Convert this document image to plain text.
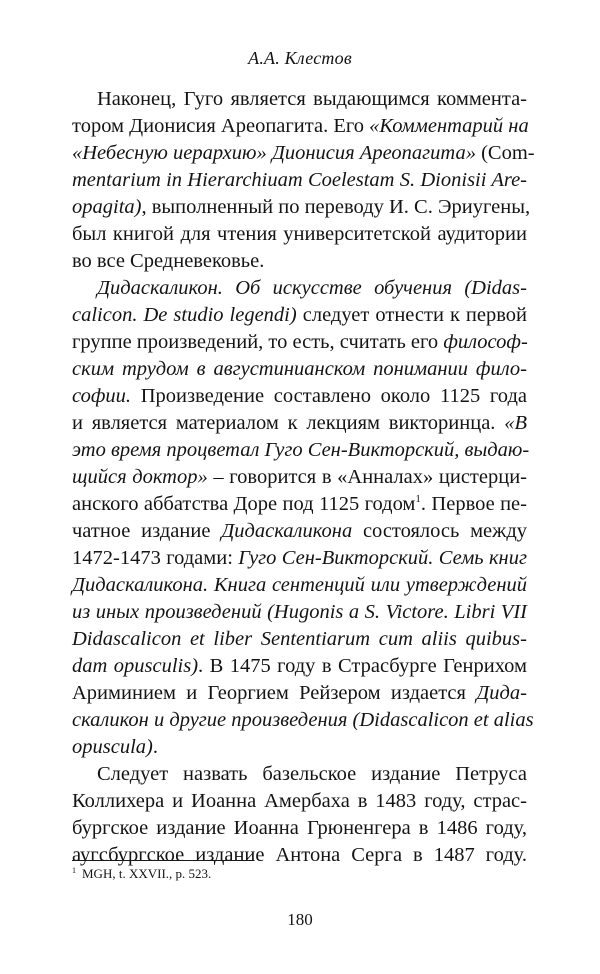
А.А. Клестов
Наконец, Гуго является выдающимся коммента-
тором Дионисия Ареопагита. Его «Комментарий на
«Небесную иерархию» Дионисия Ареопагита» (Com-
mentarium in Hierarchiuam Coelestam S. Dionisii Are-
opagita), выполненный по переводу И. С. Эриугены,
был книгой для чтения университетской аудитории
во все Средневековье.
Дидаскаликон. Об искусстве обучения (Didas-
calicon. De studio legendi) следует отнести к первой
группе произведений, то есть, считать его философ-
ским трудом в августинианском понимании фило-
софии. Произведение составлено около 1125 года
и является материалом к лекциям викторинца. «В
это время процветал Гуго Сен-Викторский, выдаю-
щийся доктор» – говорится в «Анналах» цистерци-
анского аббатства Доре под 1125 годом$^1$. Первое пе-
чатное издание Дидаскаликона состоялось между
1472-1473 годами: Гуго Сен-Викторский. Семь книг
Дидаскаликона. Книга сентенций или утверждений
из иных произведений (Hugonis a S. Victore. Libri VII
Didascalicon et liber Sententiarum cum aliis quibus-
dam opusculis). В 1475 году в Страсбурге Генрихом
Ариминием и Георгием Рейзером издается Дида-
скаликон и другие произведения (Didascalicon et alias
opuscula).
Следует назвать базельское издание Петруса
Коллихера и Иоанна Амербаха в 1483 году, страс-
бургское издание Иоанна Грюненгера в 1486 году,
аугсбургское издание Антона Серга в 1487 году.
$^1$ MGH, t. XXVII., p. 523.
180
